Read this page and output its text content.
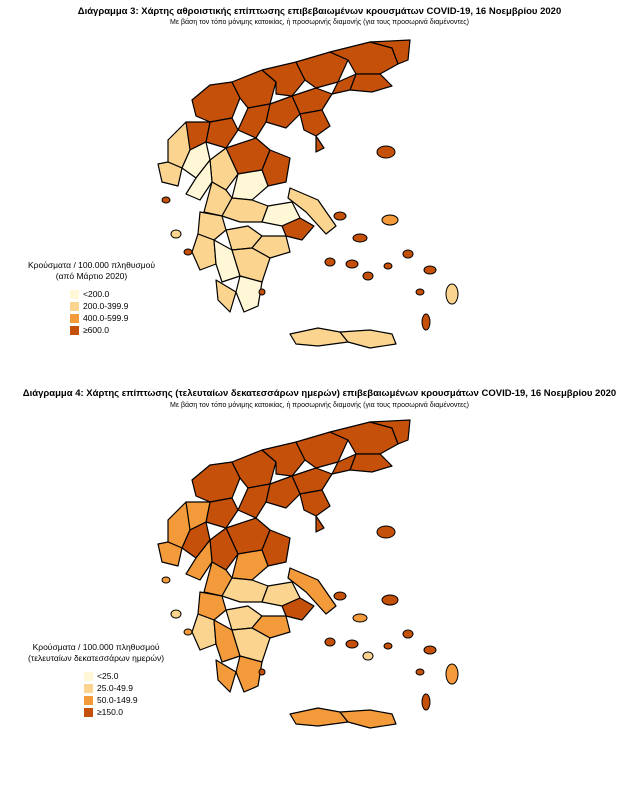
Διάγραμμα 3: Χάρτης αθροιστικής επίπτωσης επιβεβαιωμένων κρουσμάτων COVID-19, 16 Νοεμβρίου 2020
Με βάση τον τόπο μόνιμης κατοικίας, ή προσωρινής διαμονής (για τους προσωρινά διαμένοντες)
Κρούσματα / 100.000 πληθυσμού
(από Μάρτιο 2020)
<200.0
200.0-399.9
400.0-599.9
≥600.0
Διάγραμμα 4: Χάρτης επίπτωσης (τελευταίων δεκατεσσάρων ημερών) επιβεβαιωμένων κρουσμάτων COVID-19, 16 Νοεμβρίου 2020
Με βάση τον τόπο μόνιμης κατοικίας, ή προσωρινής διαμονής (για τους προσωρινά διαμένοντες)
Κρούσματα / 100.000 πληθυσμού
(τελευταίων δεκατεσσάρων ημερών)
<25.0
25.0-49.9
50.0-149.9
≥150.0
